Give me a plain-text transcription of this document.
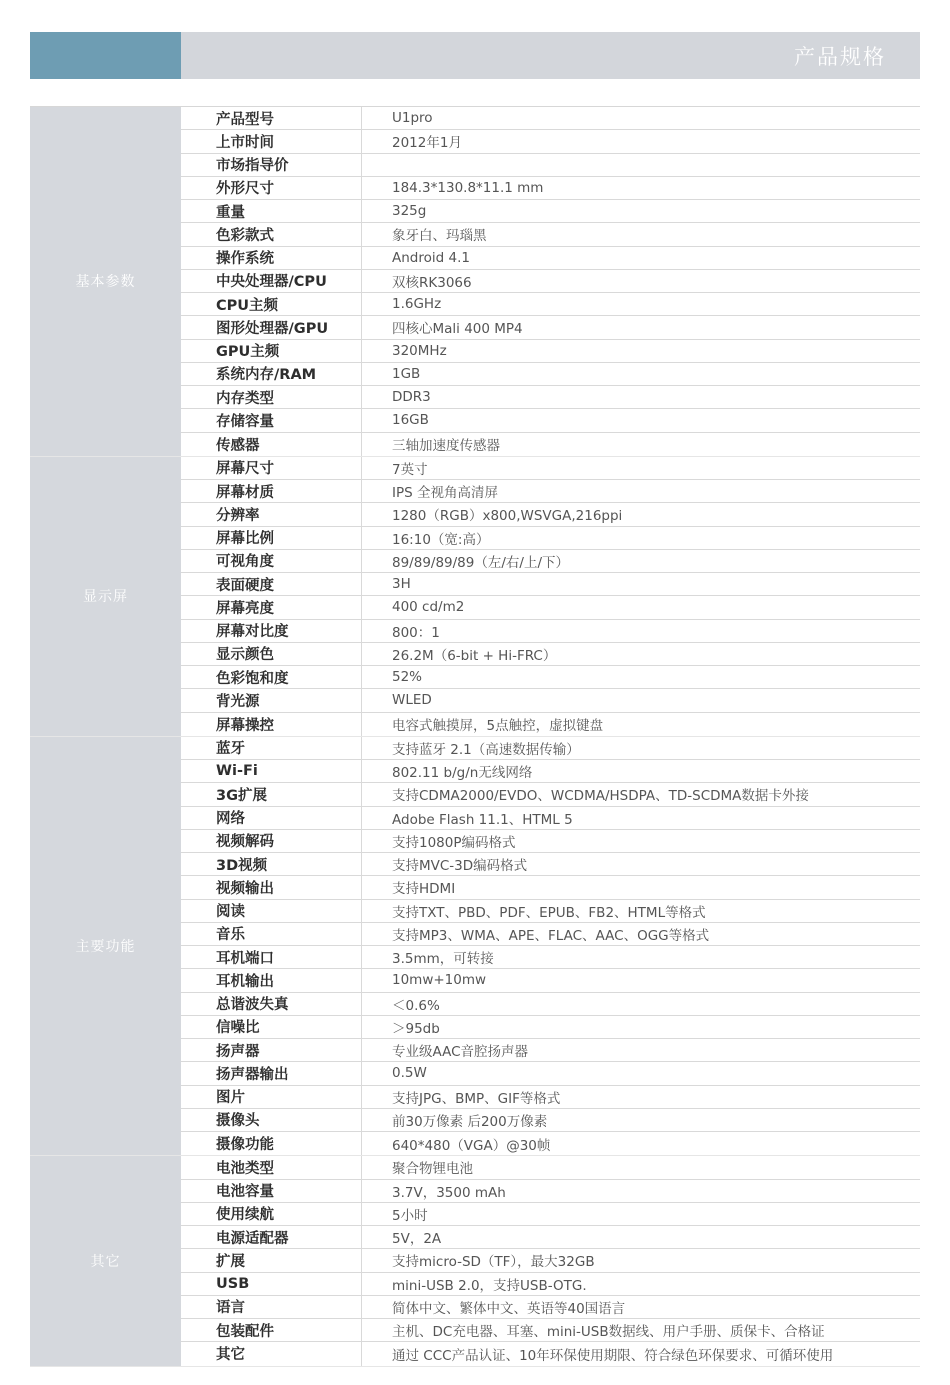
产品规格
基本参数
产品型号	U1pro
上市时间	2012年1月
市场指导价
外形尺寸	184.3*130.8*11.1 mm
重量	325g
色彩款式	象牙白、玛瑙黑
操作系统	Android 4.1
中央处理器/CPU	双核RK3066
CPU主频	1.6GHz
图形处理器/GPU	四核心Mali 400 MP4
GPU主频	320MHz
系统内存/RAM	1GB
内存类型	DDR3
存储容量	16GB
传感器	三轴加速度传感器
显示屏
屏幕尺寸	7英寸
屏幕材质	IPS 全视角高清屏
分辨率	1280（RGB）x800,WSVGA,216ppi
屏幕比例	16:10（宽:高）
可视角度	89/89/89/89（左/右/上/下）
表面硬度	3H
屏幕亮度	400 cd/m2
屏幕对比度	800：1
显示颜色	26.2M（6-bit + Hi-FRC）
色彩饱和度	52%
背光源	WLED
屏幕操控	电容式触摸屏，5点触控，虚拟键盘
主要功能
蓝牙	支持蓝牙 2.1（高速数据传输）
Wi-Fi	802.11 b/g/n无线网络
3G扩展	支持CDMA2000/EVDO、WCDMA/HSDPA、TD-SCDMA数据卡外接
网络	Adobe Flash 11.1、HTML 5
视频解码	支持1080P编码格式
3D视频	支持MVC-3D编码格式
视频输出	支持HDMI
阅读	支持TXT、PBD、PDF、EPUB、FB2、HTML等格式
音乐	支持MP3、WMA、APE、FLAC、AAC、OGG等格式
耳机端口	3.5mm，可转接
耳机输出	10mw+10mw
总谐波失真	＜0.6%
信噪比	＞95db
扬声器	专业级AAC音腔扬声器
扬声器输出	0.5W
图片	支持JPG、BMP、GIF等格式
摄像头	前30万像素 后200万像素
摄像功能	640*480（VGA）@30帧
其它
电池类型	聚合物锂电池
电池容量	3.7V，3500 mAh
使用续航	5小时
电源适配器	5V，2A
扩展	支持micro-SD（TF），最大32GB
USB	mini-USB 2.0，支持USB-OTG.
语言	简体中文、繁体中文、英语等40国语言
包装配件	主机、DC充电器、耳塞、mini-USB数据线、用户手册、质保卡、合格证
其它	通过 CCC产品认证、10年环保使用期限、符合绿色环保要求、可循环使用
